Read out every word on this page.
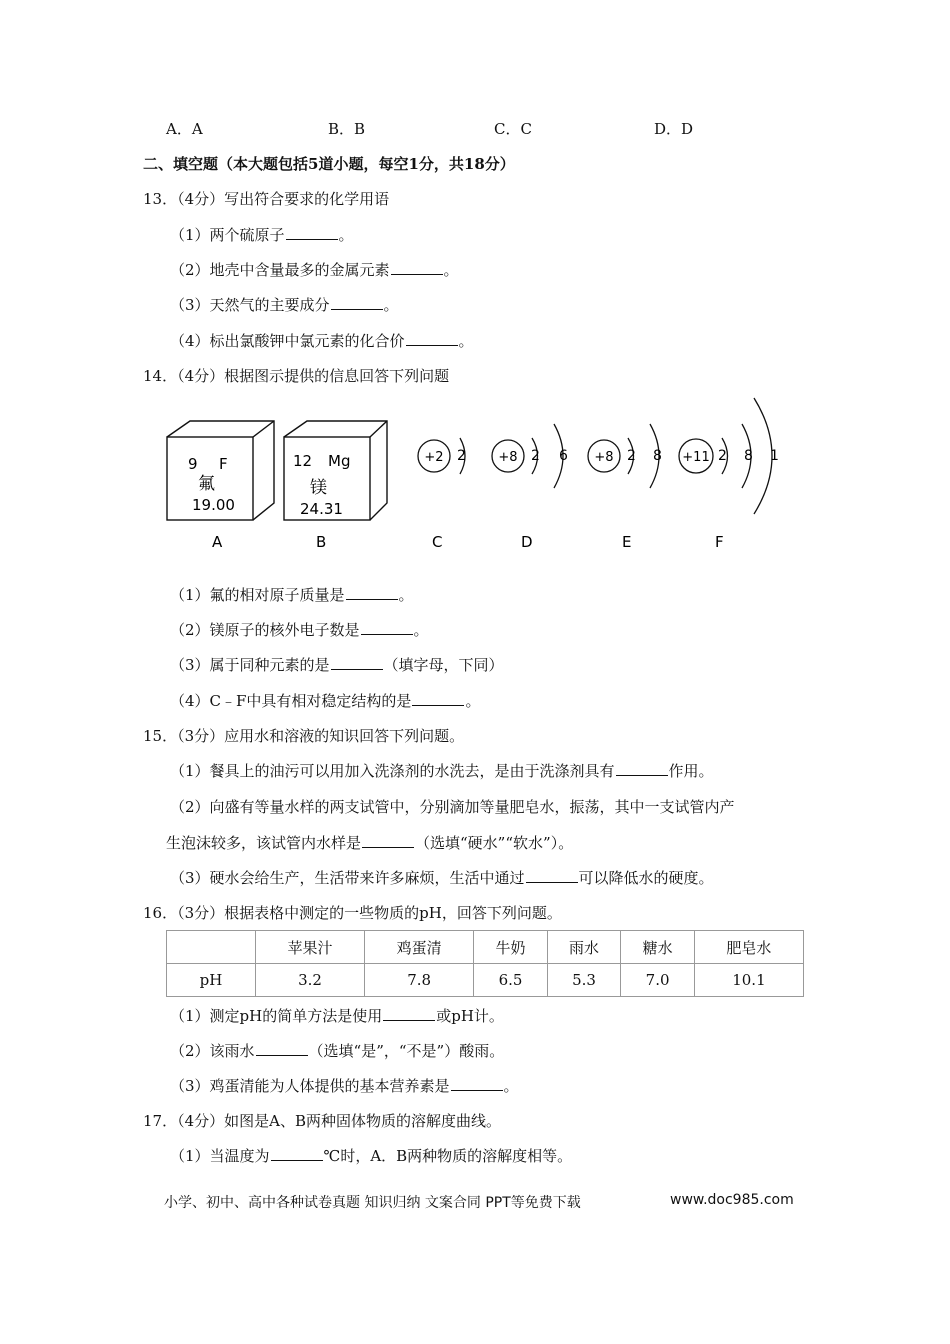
A．A	B．B	C．C	D．D
二、填空题（本大题包括5道小题，每空1分，共18分）
13．（4分）写出符合要求的化学用语
（1）两个硫原子	。
（2）地壳中含量最多的金属元素	。
（3）天然气的主要成分	。
（4）标出氯酸钾中氯元素的化合价	。
14．（4分）根据图示提供的信息回答下列问题
9 F
氟
19.00
A
12 Mg
镁
24.31
B
+2 2
C
+8 2 6
D
+8 2 8
E
+11 2 8 1
F
（1）氟的相对原子质量是	。
（2）镁原子的核外电子数是	。
（3）属于同种元素的是	（填字母，下同）
（4）C﹣F中具有相对稳定结构的是	。
15．（3分）应用水和溶液的知识回答下列问题。
（1）餐具上的油污可以用加入洗涤剂的水洗去，是由于洗涤剂具有	作用。
（2）向盛有等量水样的两支试管中，分别滴加等量肥皂水，振荡，其中一支试管内产
生泡沫较多，该试管内水样是	（选填“硬水”“软水”）。
（3）硬水会给生产，生活带来许多麻烦，生活中通过	可以降低水的硬度。
16．（3分）根据表格中测定的一些物质的pH，回答下列问题。
	苹果汁	鸡蛋清	牛奶	雨水	糖水	肥皂水
pH	3.2	7.8	6.5	5.3	7.0	10.1
（1）测定pH的简单方法是使用	或pH计。
（2）该雨水	（选填“是”，“不是”）酸雨。
（3）鸡蛋清能为人体提供的基本营养素是	。
17．（4分）如图是A、B两种固体物质的溶解度曲线。
（1）当温度为	℃时，A．B两种物质的溶解度相等。
小学、初中、高中各种试卷真题 知识归纳 文案合同 PPT等免费下载	www.doc985.com
